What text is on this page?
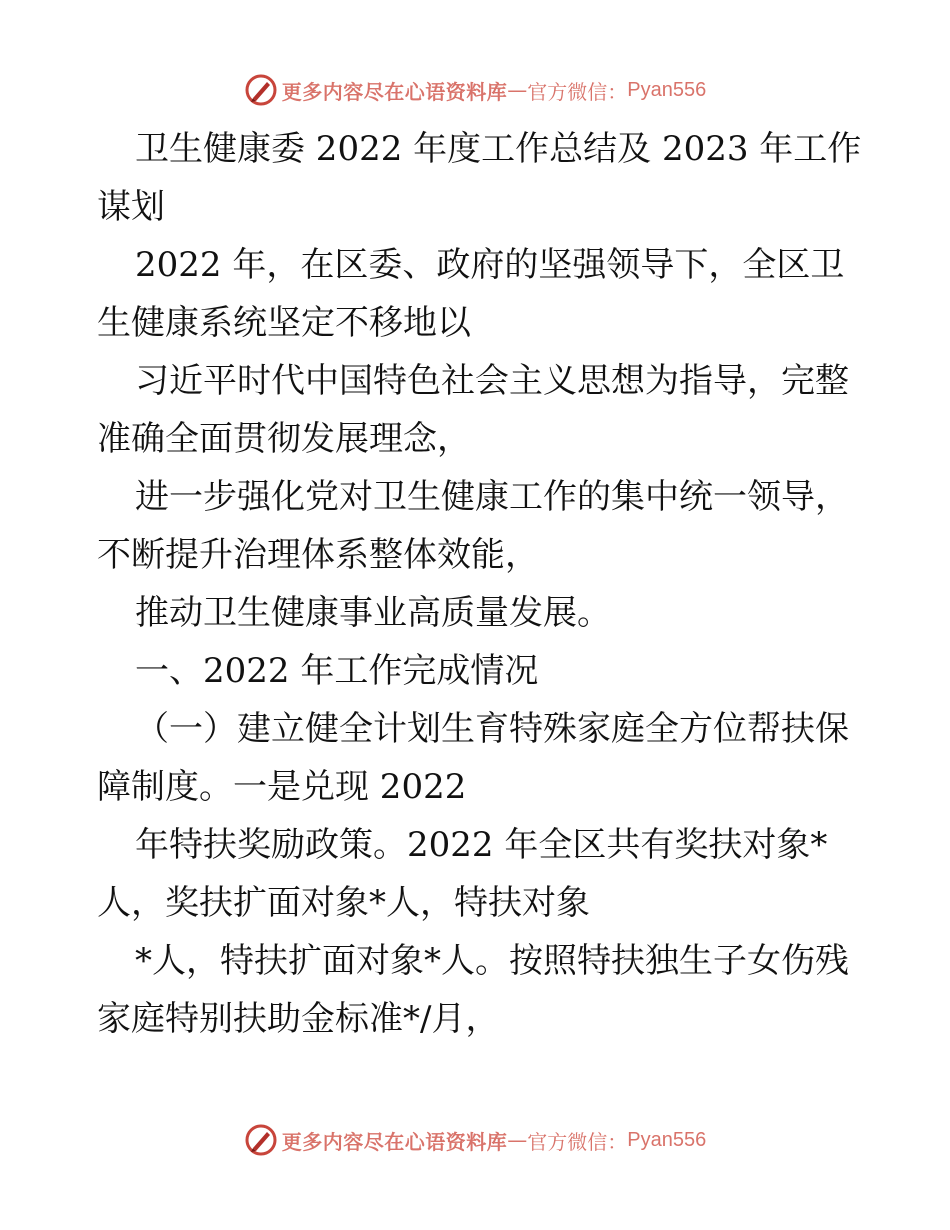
更多内容尽在心语资料库 — 官方微信： Pyan556
卫生健康委 2022 年度工作总结及 2023 年工作
谋划
2022 年，在区委、政府的坚强领导下，全区卫
生健康系统坚定不移地以
习近平时代中国特色社会主义思想为指导，完整
准确全面贯彻发展理念，
进一步强化党对卫生健康工作的集中统一领导，
不断提升治理体系整体效能，
推动卫生健康事业高质量发展。
一、2022 年工作完成情况
（一）建立健全计划生育特殊家庭全方位帮扶保
障制度。一是兑现 2022
年特扶奖励政策。2022 年全区共有奖扶对象*
人，奖扶扩面对象*人，特扶对象
*人，特扶扩面对象*人。按照特扶独生子女伤残
家庭特别扶助金标准*/月，
更多内容尽在心语资料库 — 官方微信： Pyan556
